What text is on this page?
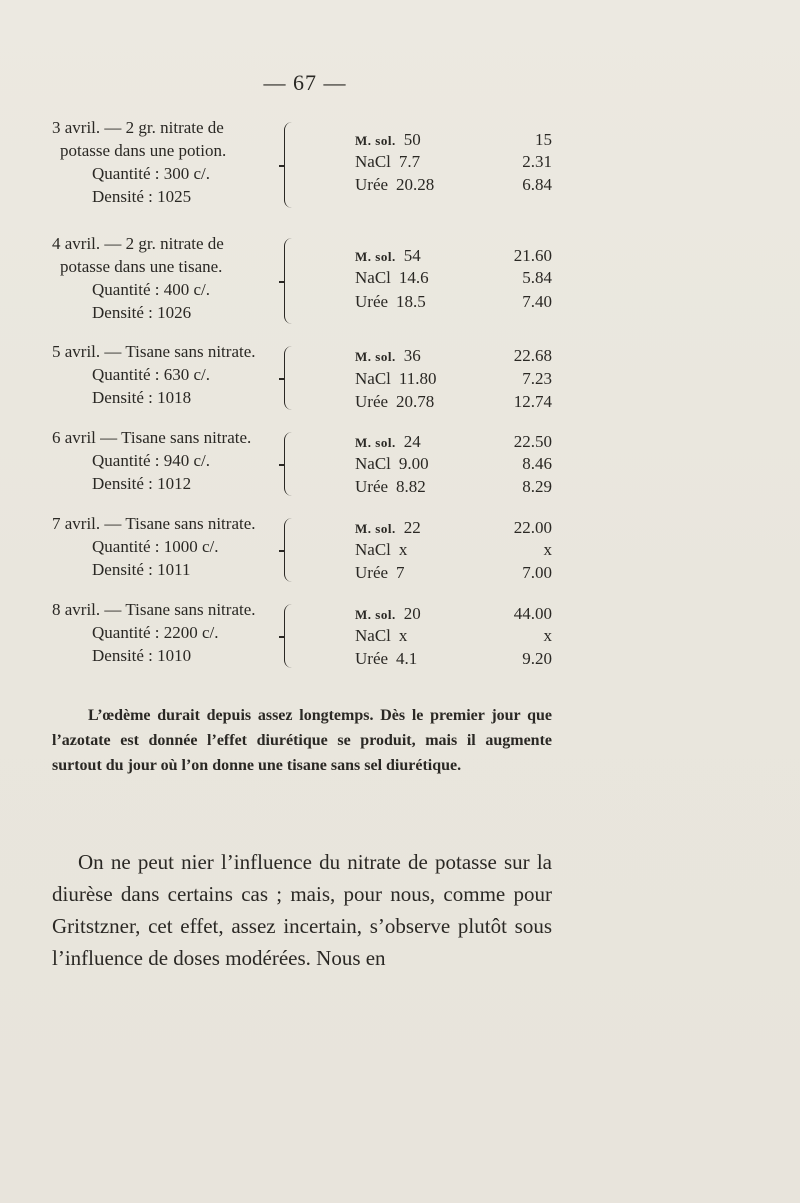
— 67 —
3 avril. — 2 gr. nitrate de
potasse dans une potion.
Quantité : 300 c/.
Densité : 1025
M. sol. 50	15
NaCl 7.7	2.31
Urée 20.28	6.84
4 avril. — 2 gr. nitrate de
potasse dans une tisane.
Quantité : 400 c/.
Densité : 1026
M. sol. 54	21.60
NaCl 14.6	5.84
Urée 18.5	7.40
5 avril. — Tisane sans nitrate.
Quantité : 630 c/.
Densité : 1018
M. sol. 36	22.68
NaCl 11.80	7.23
Urée 20.78	12.74
6 avril — Tisane sans nitrate.
Quantité : 940 c/.
Densité : 1012
M. sol. 24	22.50
NaCl 9.00	8.46
Urée 8.82	8.29
7 avril. — Tisane sans nitrate.
Quantité : 1000 c/.
Densité : 1011
M. sol. 22	22.00
NaCl x	x
Urée 7	7.00
8 avril. — Tisane sans nitrate.
Quantité : 2200 c/.
Densité : 1010
M. sol. 20	44.00
NaCl x	x
Urée 4.1	9.20
L’œdème durait depuis assez longtemps. Dès le premier jour que l’azotate est donnée l’effet diurétique se produit, mais il augmente surtout du jour où l’on donne une tisane sans sel diurétique.
On ne peut nier l’influence du nitrate de potasse sur la diurèse dans certains cas ; mais, pour nous, comme pour Gritstzner, cet effet, assez incertain, s’observe plutôt sous l’influence de doses modérées. Nous en
